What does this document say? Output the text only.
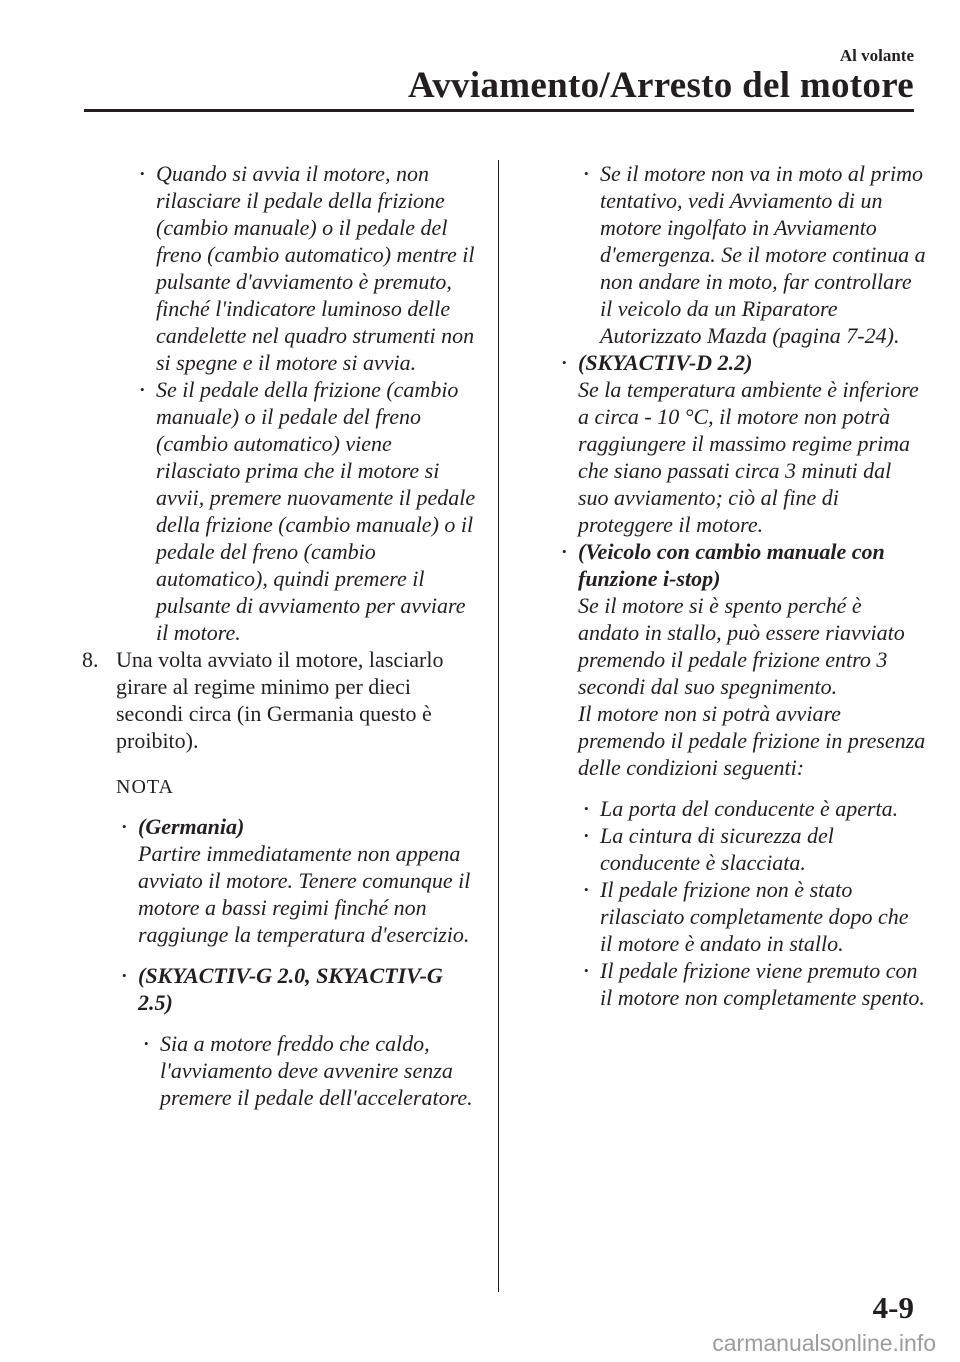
Al volante
Avviamento/Arresto del motore
• Quando si avvia il motore, non rilasciare il pedale della frizione (cambio manuale) o il pedale del freno (cambio automatico) mentre il pulsante d'avviamento è premuto, finché l'indicatore luminoso delle candelette nel quadro strumenti non si spegne e il motore si avvia.
• Se il pedale della frizione (cambio manuale) o il pedale del freno (cambio automatico) viene rilasciato prima che il motore si avvii, premere nuovamente il pedale della frizione (cambio manuale) o il pedale del freno (cambio automatico), quindi premere il pulsante di avviamento per avviare il motore.
8. Una volta avviato il motore, lasciarlo girare al regime minimo per dieci secondi circa (in Germania questo è proibito).
NOTA
• (Germania)
Partire immediatamente non appena avviato il motore. Tenere comunque il motore a bassi regimi finché non raggiunge la temperatura d'esercizio.
• (SKYACTIV-G 2.0, SKYACTIV-G 2.5)
• Sia a motore freddo che caldo, l'avviamento deve avvenire senza premere il pedale dell'acceleratore.
• Se il motore non va in moto al primo tentativo, vedi Avviamento di un motore ingolfato in Avviamento d'emergenza. Se il motore continua a non andare in moto, far controllare il veicolo da un Riparatore Autorizzato Mazda (pagina 7-24).
• (SKYACTIV-D 2.2)
Se la temperatura ambiente è inferiore a circa - 10 °C, il motore non potrà raggiungere il massimo regime prima che siano passati circa 3 minuti dal suo avviamento; ciò al fine di proteggere il motore.
• (Veicolo con cambio manuale con funzione i-stop)
Se il motore si è spento perché è andato in stallo, può essere riavviato premendo il pedale frizione entro 3 secondi dal suo spegnimento.
Il motore non si potrà avviare premendo il pedale frizione in presenza delle condizioni seguenti:
• La porta del conducente è aperta.
• La cintura di sicurezza del conducente è slacciata.
• Il pedale frizione non è stato rilasciato completamente dopo che il motore è andato in stallo.
• Il pedale frizione viene premuto con il motore non completamente spento.
4-9
carmanualsonline.info
